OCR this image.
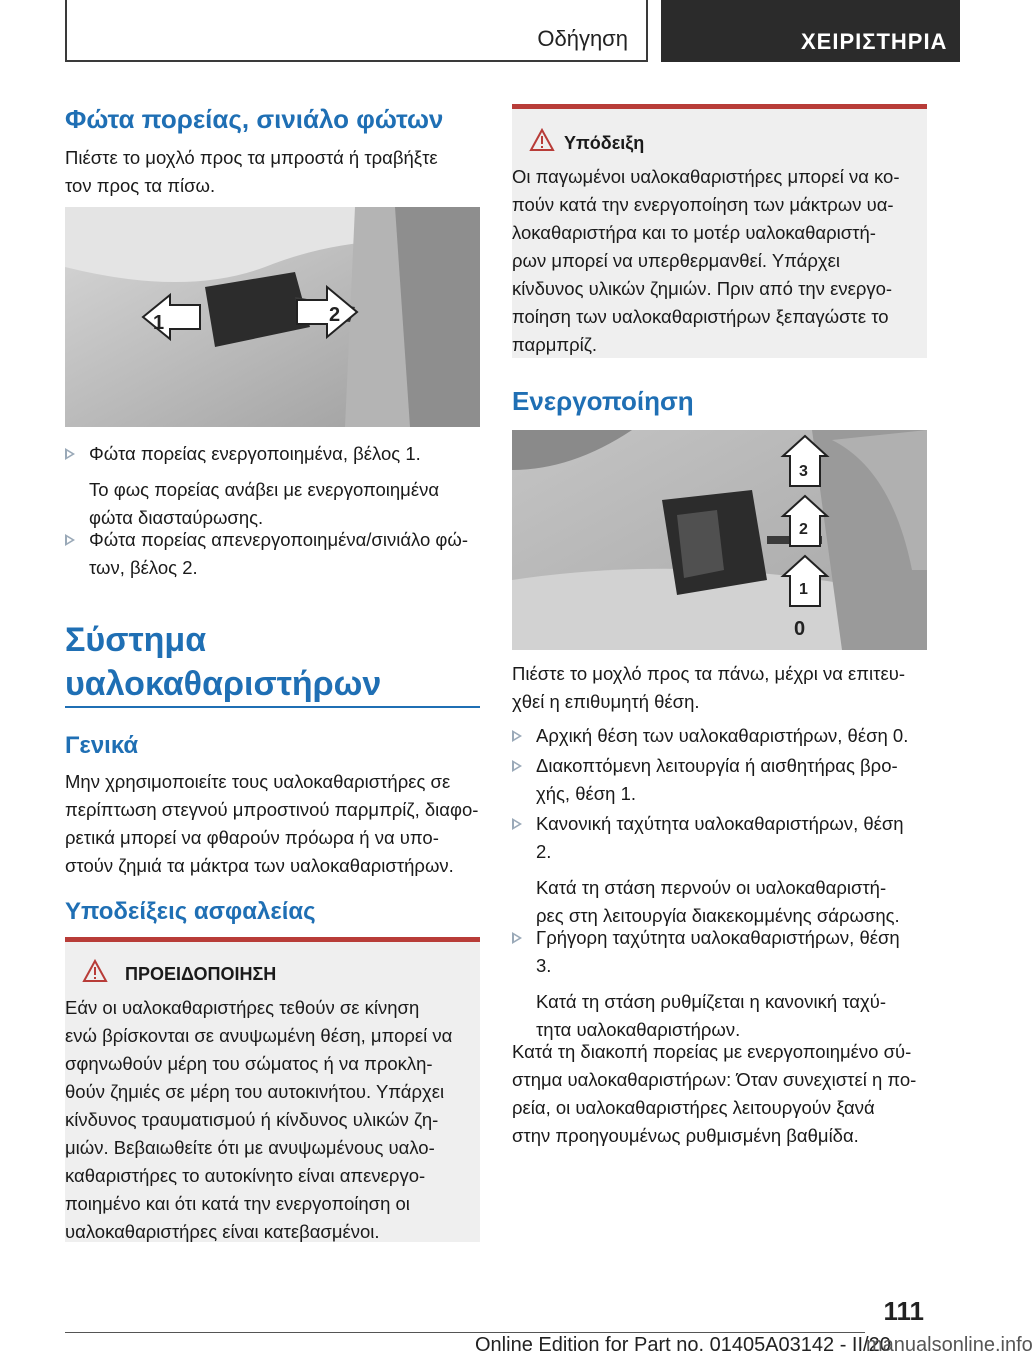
Οδήγηση	ΧΕΙΡΙΣΤΗΡΙΑ
Φώτα πορείας, σινιάλο φώτων
Πιέστε το μοχλό προς τα μπροστά ή τραβήξτε
τον προς τα πίσω.
1	2
Φώτα πορείας ενεργοποιημένα, βέλος 1.
Το φως πορείας ανάβει με ενεργοποιημένα
φώτα διασταύρωσης.
Φώτα πορείας απενεργοποιημένα/σινιάλο φώ-
των, βέλος 2.
Σύστημα
υαλοκαθαριστήρων
Γενικά
Μην χρησιμοποιείτε τους υαλοκαθαριστήρες σε
περίπτωση στεγνού μπροστινού παρμπρίζ, διαφο-
ρετικά μπορεί να φθαρούν πρόωρα ή να υπο-
στούν ζημιά τα μάκτρα των υαλοκαθαριστήρων.
Υποδείξεις ασφαλείας
ΠΡΟΕΙΔΟΠΟΙΗΣΗ
Εάν οι υαλοκαθαριστήρες τεθούν σε κίνηση
ενώ βρίσκονται σε ανυψωμένη θέση, μπορεί να
σφηνωθούν μέρη του σώματος ή να προκλη-
θούν ζημιές σε μέρη του αυτοκινήτου. Υπάρχει
κίνδυνος τραυματισμού ή κίνδυνος υλικών ζη-
μιών. Βεβαιωθείτε ότι με ανυψωμένους υαλο-
καθαριστήρες το αυτοκίνητο είναι απενεργο-
ποιημένο και ότι κατά την ενεργοποίηση οι
υαλοκαθαριστήρες είναι κατεβασμένοι.
Υπόδειξη
Οι παγωμένοι υαλοκαθαριστήρες μπορεί να κο-
πούν κατά την ενεργοποίηση των μάκτρων υα-
λοκαθαριστήρα και το μοτέρ υαλοκαθαριστή-
ρων μπορεί να υπερθερμανθεί. Υπάρχει
κίνδυνος υλικών ζημιών. Πριν από την ενεργο-
ποίηση των υαλοκαθαριστήρων ξεπαγώστε το
παρμπρίζ.
Ενεργοποίηση
3
2
1
0
Πιέστε το μοχλό προς τα πάνω, μέχρι να επιτευ-
χθεί η επιθυμητή θέση.
Αρχική θέση των υαλοκαθαριστήρων, θέση 0.
Διακοπτόμενη λειτουργία ή αισθητήρας βρο-
χής, θέση 1.
Κανονική ταχύτητα υαλοκαθαριστήρων, θέση
2.
Κατά τη στάση περνούν οι υαλοκαθαριστή-
ρες στη λειτουργία διακεκομμένης σάρωσης.
Γρήγορη ταχύτητα υαλοκαθαριστήρων, θέση
3.
Κατά τη στάση ρυθμίζεται η κανονική ταχύ-
τητα υαλοκαθαριστήρων.
Κατά τη διακοπή πορείας με ενεργοποιημένο σύ-
στημα υαλοκαθαριστήρων: Όταν συνεχιστεί η πο-
ρεία, οι υαλοκαθαριστήρες λειτουργούν ξανά
στην προηγουμένως ρυθμισμένη βαθμίδα.
111
Online Edition for Part no. 01405A03142 - II/20
manualsonline.info
